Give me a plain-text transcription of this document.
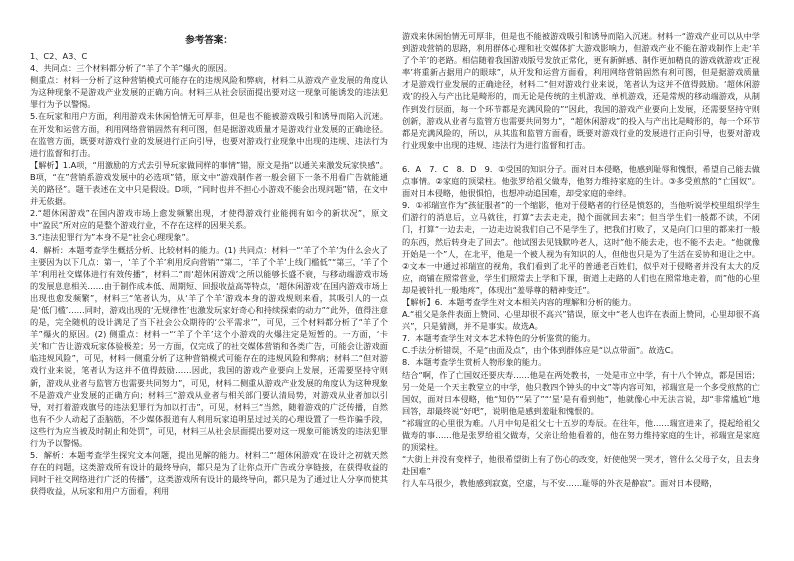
参考答案：

1、C2、A3、C

4、共同点：三个材料都分析了“羊了个羊”爆火的原因。

侧重点：材料一分析了这种营销模式可能存在的违规风险和弊病，材料二从游戏产业发展的角度认为这种现象不是游戏产业发展的正确方向。材料三从社会层面提出要对这一现象可能诱发的违法犯罪行为予以警惕。

5.在玩家和用户方面，利用游戏未休闲恰情无可厚非，但是也不能被游戏吸引和诱导而陷入沉迷。在开发和运营方面，利用网络营销固然有利可图，但是据游戏质量才是游戏行业发展的正确途径。在监管方面，既要对游戏行业的发展进行正向引导，也要对游戏行业现象中出现的违规、违法行为进行监督和打击。

【解析】1.A项，“用激励的方式去引导玩家做同样的事情”错，原文是指“以通关来激发玩家快感”。B项，“在”营销系游戏发展中的必选项”错，原文中“游戏制作者一般会留下一条不用看广告就能通关的路径”。题干表述在文中只是假设。D项，“同时也并不担心小游戏不能会出现问题”错，在文中并无依据。

2.“超休闲游戏”在国内游戏市场上愈发频繁出现，才使得游戏行业能拥有如今的新状况”，原文中“盈民”所对应的是整个游戏行业，不存在这样的因果关系。

3.“违法犯罪行为”本身不是“社会心理现象”。

4．解析：本题考查学生概括分析、比较材料的能力。(1) 共同点：材料一“‘羊了个羊’为什么会火了主要因为以下几点：第一，‘羊了个羊’利用反向营销”“第二，‘羊了个羊’上线门槛低”“第三，‘羊了个羊’利用社交媒体进行有效传播”，材料二“而‘超休闲游戏’之所以能够长盛不衰，与移动端游戏市场的发展息息相关……由于制作成本低、周期短、回报收益高等特点，‘超休闲游戏’在国内游戏市场上出现也愈发频繁”，材料三“笔者认为，从‘羊了个羊’游戏本身的游戏规则来看，其吸引人的一点是‘低门槛’……同时，游戏出现的‘无规律性’也激发玩家好奇心和持续探索的动力”“此外，值得注意的是，完全随机的设计满足了当下社会公众期待的‘公平需求’”，可见，三个材料都分析了“羊了个羊”爆火的原因。(2) 侧重点：材料一“‘羊了个羊’这个小游戏的火爆注定是短暂的。一方面，‘卡关’和广告让游戏玩家体验极差；另一方面，仅完成了的社交媒体营销和各类广告，可能会让游戏面临违规风险”，可见，材料一侧重分析了这种营销模式可能存在的违规风险和弊病；材料二“但对游戏行业来说，笔者认为这并不值得鼓励……因此，我国的游戏产业要向上发展，还需要坚持守则新，游戏从业者与监管方也需要共同努力”，可见，材料二侧重从游戏产业发展的角度认为这种现象不是游戏产业发展的正确方向；材料三“游戏从业者与相关部门要认清局势，对游戏从业者加以引导，对打着游戏旗号的违法犯罪行为加以打击”，可见，材料三“当然，随着游戏的广泛传播，自然也有不少人动起了歪脑筋，不少媒体报道有人利用玩家追明星过过关的心理设置了一些诈骗手段，这些行为应当被及时制止和处罚”，可见，材料三从社会层面提出要对这一现象可能诱发的违法犯罪行为予以警惕。

5．解析：本题考查学生探究文本问题，提出见解的能力。材料二“‘超休闲游戏’在设计之初就天然存在的问题，这类游戏所有设计的最终导向，都只是为了让你点开广告或分享链接，在获得收益的同时于社交网络进行广泛的传播”，这类游戏所有设计的最终导向，都只是为了通过让人分享而使其获得收益，从玩家和用户方面看，利用

游戏来休闲怡情无可厚非，但是也不能被游戏吸引和诱导而陷入沉迷。材料一“游戏产业可以从中学到游戏营销的思路，利用群体心理和社交媒体扩大游戏影响力，但游戏产业不能在游戏制作上走‘羊了个羊’的老路。相信随着我国游戏版号发放正常化，更有新鲜感、制作更加精良的游戏就游戏‘正视率’将重新占据用户的眼球”，从开发和运营方面看，利用网络营销固然有利可图，但是据游戏质量才是游戏行业发展的正确途径，材料二“但对游戏行业来说，笔者认为这并不值得鼓励。‘超休闲游戏’的投入与产出比是畸形的，而无论是传统的主机游戏、单机游戏，还是常规的移动端游戏，从制作到发行层面，每一个环节都是充满风险的”“因此，我国的游戏产业要向上发展，还需要坚持守则创新，游戏从业者与监管方也需要共同努力”，“超休闲游戏”的投入与产出比是畸形的，每一个环节都是充满风险的，所以，从其监和监管方面看，既要对游戏行业的发展进行正向引导，也要对游戏行业现象中出现的违规、违法行为进行监督和打击。

6．A　7．C　8．D　9．①受国的知识分子。面对日本侵略，他感到耻辱和愧恨，希望自己能去做点事情。②家庭的顶梁柱。他张罗给祖父做寿，他努力维持家庭的生计。③多受煎熬的“亡国奴”。面对日本侵略，他很惧怕，也想冲动追国难，却受家庭的牵绊。

9．①祁瑞宣作为“孩征服者”的一个缩影，他对于侵略者的行径是愤怒的，当他听说学校里组织学生们游行的消息后，立马就往，打算“去去走走，抛个面就回去来”；但当学生们一般都不读，不闭门，打算“一边去走，一边走边说我们自己不是学生了，把我们打败了，又是向门口里的都来打一般的东西，然后转身走了回去”。他试图去见钱默吟老人，这时”他不能去走，也不能不去走。“他就像开始是一个”人，在北平，他是一个被人视为有知识的人，但他也只是为了生活在妥协和退让之中。②文本一中通过祁瑞宣的视角，我们看到了北平的普通老百姓们，似乎对于侵略者并没有太大的反应，商铺在照常营业，学生们照常去上学和下课，街道上走路的人们也在照常地走着，而”他的心里却是被针扎一般地疼”，体现出“羞辱尊的精神变迁”。

【解析】6．本题考查学生对文本相关内容的理解和分析的能力。

A.“祖父是条件表面上赞同、心里却很不高兴”错误，原文中“老人也许在表面上赞同，心里却很不高兴”，只是猜测，并不是事实。故选A。

7．本题考查学生对文本艺术特色的分析鉴赏的能力。

C.手法分析错误，不是“由面及点”，由个体到群体应是“以点带面”。故选C。

8．本题考查学生赏析人物形象的能力。

结合“啊，作了亡国奴还要庆寿……他是在两处教书，一处是市立中学，有十八个钟点，都是国语；另一处是一个天主教堂立的中学，他只教四个钟头的中文”等内容可知，祁瑞宣是一个多受煎熬的亡国奴，面对日本侵略，他“知仍”“呆了”“‘星’是有看到他”，他就像心中无法言说，却“非常尴尬”地回答，却最终说“好吧”，说明他是感到羞耻和愧恨的。

“祁瑞宣的心里很为难。八月中旬是祖父七十五岁的寿辰。在往年，他……瑞宣进来了，提起给祖父做寿的事……他是张罗给祖父做寿，父亲让给他看着的，他在努力维持家庭的生计，祁瑞宣是家庭的顶梁柱。

“大街上并没有变样子，他很希望街上有了伤心的改变，好使他哭一哭才，管什么父母子女，且去身赴国难”

行人车马很少，教他感到寂寞，空虚，与不安……耻辱的外衣是静寂”。面对日本侵略，
